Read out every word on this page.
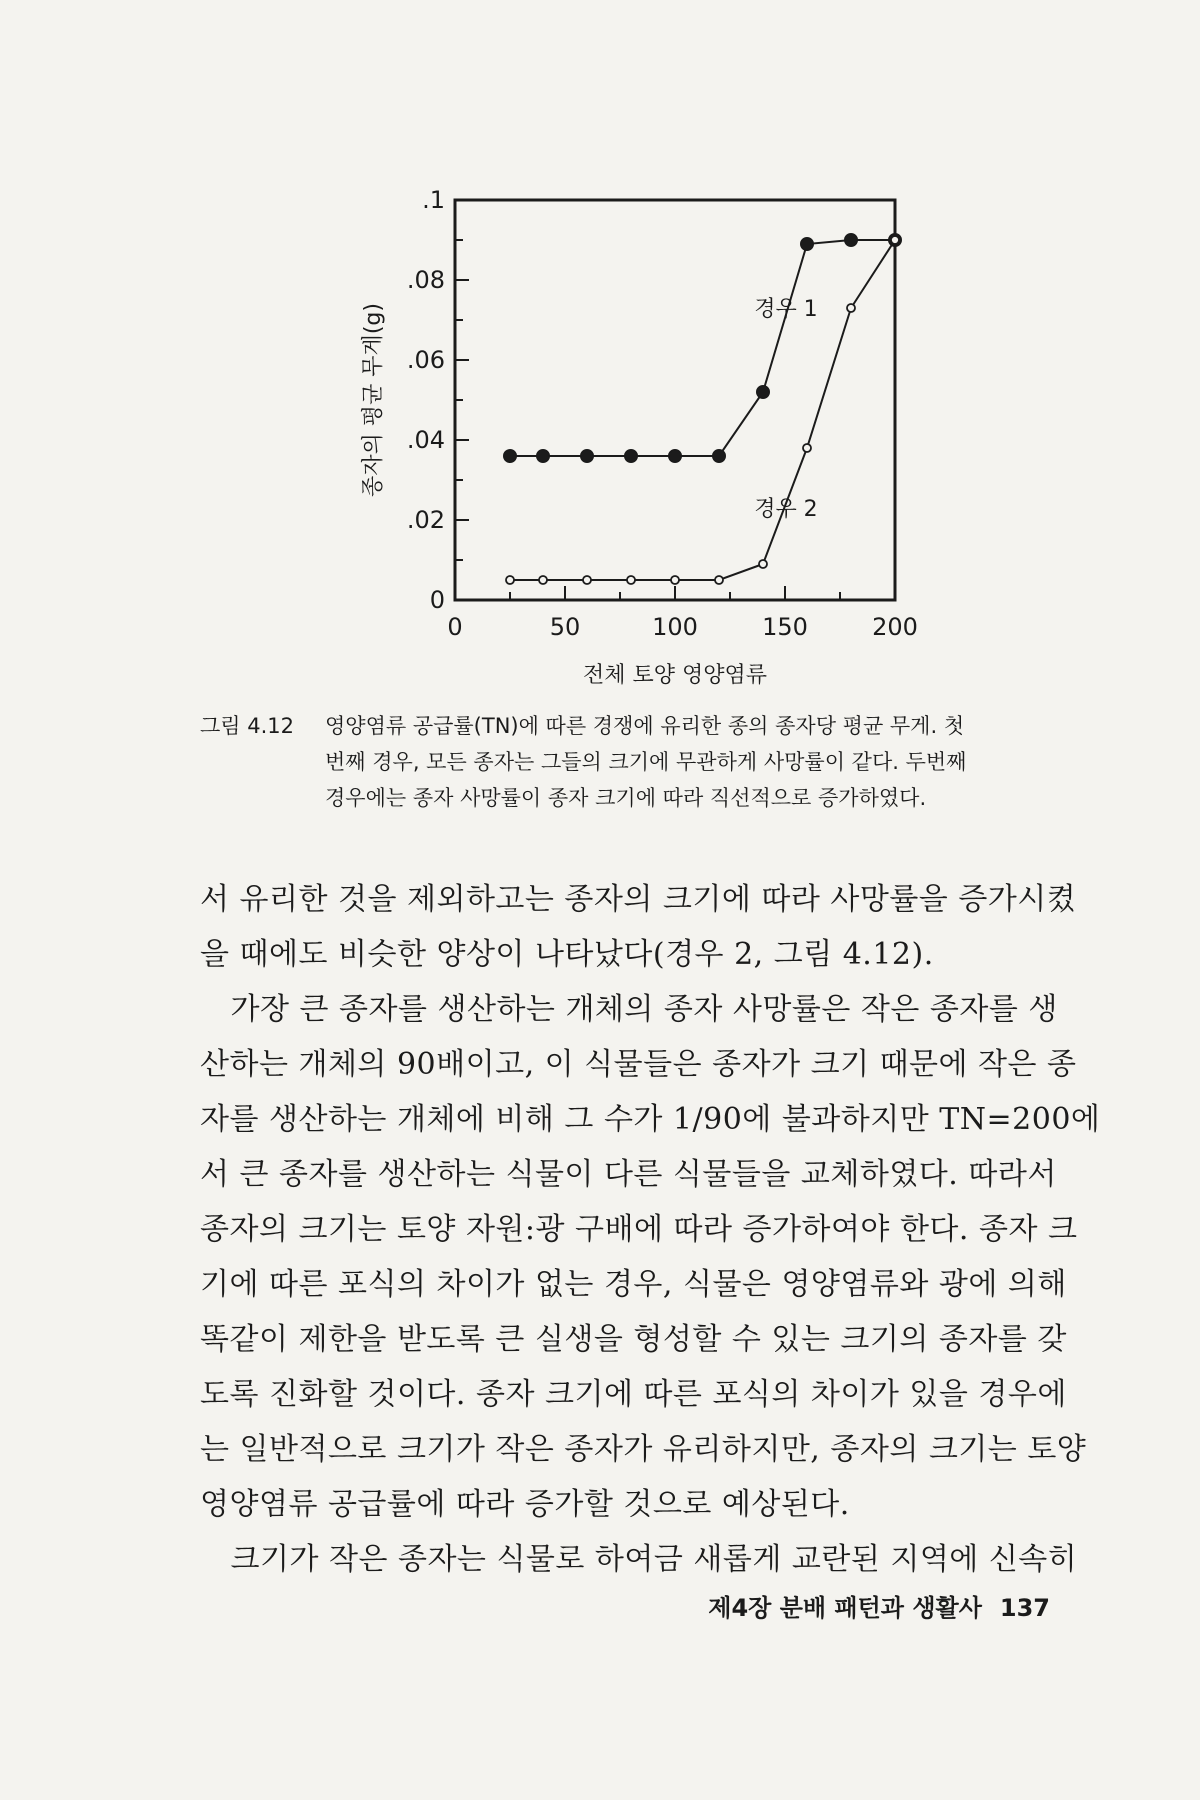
0
.02
.04
.06
.08
.1
0	50	100	150	200
전체 토양 영양염류
종자의 평균 무게(g)	경우 1
경우 2
그림 4.12 영양염류 공급률(TN)에 따른 경쟁에 유리한 종의 종자당 평균 무게. 첫
번째 경우, 모든 종자는 그들의 크기에 무관하게 사망률이 같다. 두번째
경우에는 종자 사망률이 종자 크기에 따라 직선적으로 증가하였다.
서 유리한 것을 제외하고는 종자의 크기에 따라 사망률을 증가시켰
을 때에도 비슷한 양상이 나타났다(경우 2, 그림 4.12).
　가장 큰 종자를 생산하는 개체의 종자 사망률은 작은 종자를 생
산하는 개체의 90배이고, 이 식물들은 종자가 크기 때문에 작은 종
자를 생산하는 개체에 비해 그 수가 1/90에 불과하지만 TN=200에
서 큰 종자를 생산하는 식물이 다른 식물들을 교체하였다. 따라서
종자의 크기는 토양 자원:광 구배에 따라 증가하여야 한다. 종자 크
기에 따른 포식의 차이가 없는 경우, 식물은 영양염류와 광에 의해
똑같이 제한을 받도록 큰 실생을 형성할 수 있는 크기의 종자를 갖
도록 진화할 것이다. 종자 크기에 따른 포식의 차이가 있을 경우에
는 일반적으로 크기가 작은 종자가 유리하지만, 종자의 크기는 토양
영양염류 공급률에 따라 증가할 것으로 예상된다.
　크기가 작은 종자는 식물로 하여금 새롭게 교란된 지역에 신속히
제4장 분배 패턴과 생활사 137
